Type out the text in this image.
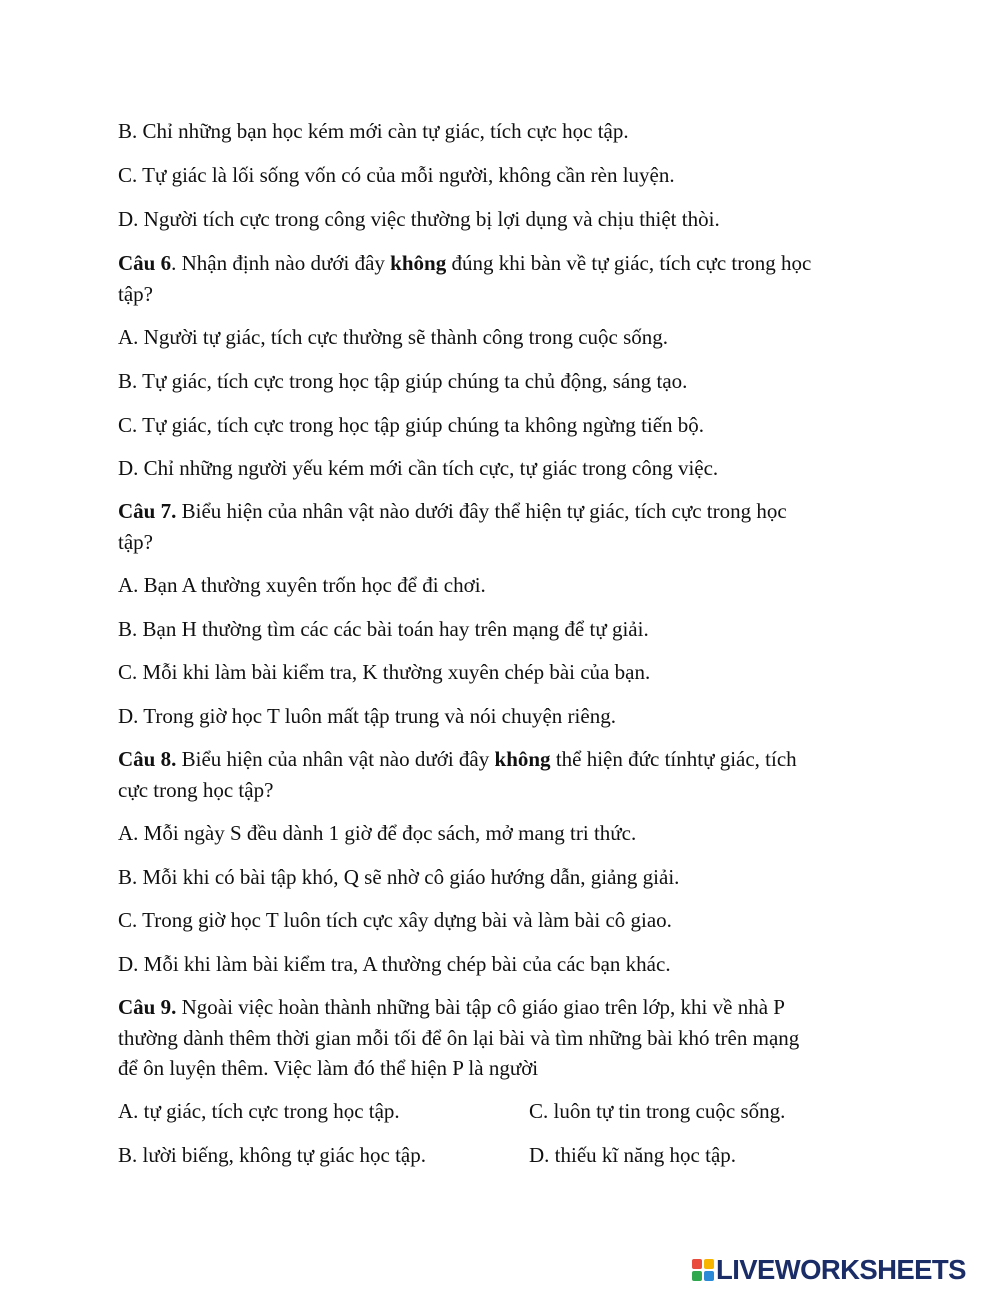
B. Chỉ những bạn học kém mới càn tự giác, tích cực học tập.
C. Tự giác là lối sống vốn có của mỗi người, không cần rèn luyện.
D. Người tích cực trong công việc thường bị lợi dụng và chịu thiệt thòi.
Câu 6. Nhận định nào dưới đây không đúng khi bàn về tự giác, tích cực trong học
tập?
A. Người tự giác, tích cực thường sẽ thành công trong cuộc sống.
B. Tự giác, tích cực trong học tập giúp chúng ta chủ động, sáng tạo.
C. Tự giác, tích cực trong học tập giúp chúng ta không ngừng tiến bộ.
D. Chỉ những người yếu kém mới cần tích cực, tự giác trong công việc.
Câu 7. Biểu hiện của nhân vật nào dưới đây thể hiện tự giác, tích cực trong học
tập?
A. Bạn A thường xuyên trốn học để đi chơi.
B. Bạn H thường tìm các các bài toán hay trên mạng để tự giải.
C. Mỗi khi làm bài kiểm tra, K thường xuyên chép bài của bạn.
D. Trong giờ học T luôn mất tập trung và nói chuyện riêng.
Câu 8. Biểu hiện của nhân vật nào dưới đây không thể hiện đức tínhtự giác, tích
cực trong học tập?
A. Mỗi ngày S đều dành 1 giờ để đọc sách, mở mang tri thức.
B. Mỗi khi có bài tập khó, Q sẽ nhờ cô giáo hướng dẫn, giảng giải.
C. Trong giờ học T luôn tích cực xây dựng bài và làm bài cô giao.
D. Mỗi khi làm bài kiểm tra, A thường chép bài của các bạn khác.
Câu 9. Ngoài việc hoàn thành những bài tập cô giáo giao trên lớp, khi về nhà P
thường dành thêm thời gian mỗi tối để ôn lại bài và tìm những bài khó trên mạng
để ôn luyện thêm. Việc làm đó thể hiện P là người
A. tự giác, tích cực trong học tập.	C. luôn tự tin trong cuộc sống.
B. lười biếng, không tự giác học tập.	D. thiếu kĩ năng học tập.
LIVEWORKSHEETS
